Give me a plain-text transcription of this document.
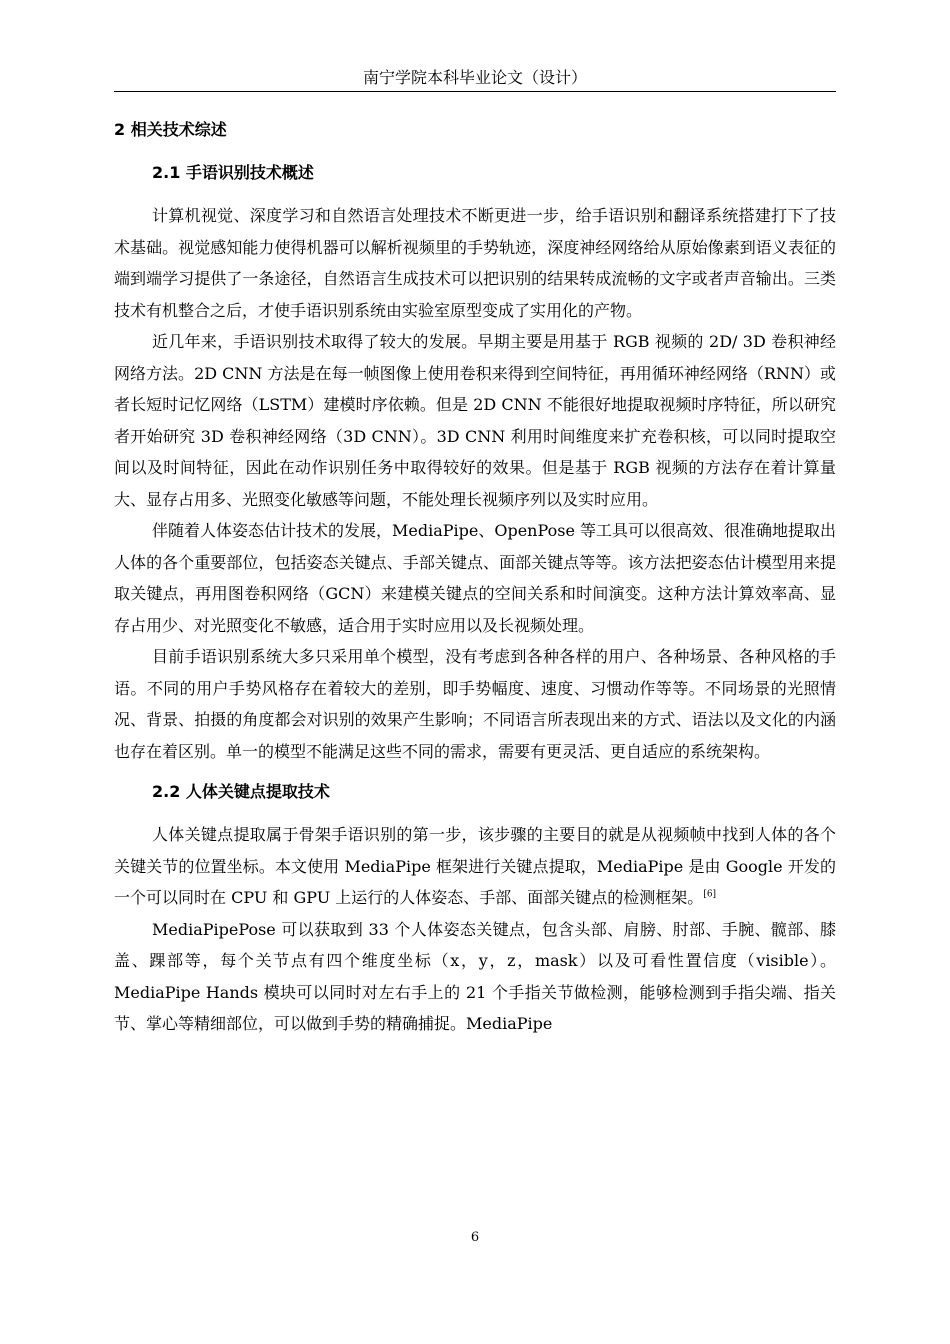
南宁学院本科毕业论文（设计）
2 相关技术综述
2.1 手语识别技术概述

计算机视觉、深度学习和自然语言处理技术不断更进一步，给手语识别和翻译系统搭建打下了技术基础。视觉感知能力使得机器可以解析视频里的手势轨迹，深度神经网络给从原始像素到语义表征的端到端学习提供了一条途径，自然语言生成技术可以把识别的结果转成流畅的文字或者声音输出。三类技术有机整合之后，才使手语识别系统由实验室原型变成了实用化的产物。

近几年来，手语识别技术取得了较大的发展。早期主要是用基于 RGB 视频的 2D/ 3D 卷积神经网络方法。2D CNN 方法是在每一帧图像上使用卷积来得到空间特征，再用循环神经网络（RNN）或者长短时记忆网络（LSTM）建模时序依赖。但是 2D CNN 不能很好地提取视频时序特征，所以研究者开始研究 3D 卷积神经网络（3D CNN）。3D CNN 利用时间维度来扩充卷积核，可以同时提取空间以及时间特征，因此在动作识别任务中取得较好的效果。但是基于 RGB 视频的方法存在着计算量大、显存占用多、光照变化敏感等问题，不能处理长视频序列以及实时应用。

伴随着人体姿态估计技术的发展，MediaPipe、OpenPose 等工具可以很高效、很准确地提取出人体的各个重要部位，包括姿态关键点、手部关键点、面部关键点等等。该方法把姿态估计模型用来提取关键点，再用图卷积网络（GCN）来建模关键点的空间关系和时间演变。这种方法计算效率高、显存占用少、对光照变化不敏感，适合用于实时应用以及长视频处理。

目前手语识别系统大多只采用单个模型，没有考虑到各种各样的用户、各种场景、各种风格的手语。不同的用户手势风格存在着较大的差别，即手势幅度、速度、习惯动作等等。不同场景的光照情况、背景、拍摄的角度都会对识别的效果产生影响；不同语言所表现出来的方式、语法以及文化的内涵也存在着区别。单一的模型不能满足这些不同的需求，需要有更灵活、更自适应的系统架构。

2.2 人体关键点提取技术

人体关键点提取属于骨架手语识别的第一步，该步骤的主要目的就是从视频帧中找到人体的各个关键关节的位置坐标。本文使用 MediaPipe 框架进行关键点提取，MediaPipe 是由 Google 开发的一个可以同时在 CPU 和 GPU 上运行的人体姿态、手部、面部关键点的检测框架。[6]

MediaPipePose 可以获取到 33 个人体姿态关键点，包含头部、肩膀、肘部、手腕、髋部、膝盖、踝部等，每个关节点有四个维度坐标（x，y，z，mask）以及可看性置信度（visible）。MediaPipe Hands 模块可以同时对左右手上的 21 个手指关节做检测，能够检测到手指尖端、指关节、掌心等精细部位，可以做到手势的精确捕捉。MediaPipe

6
